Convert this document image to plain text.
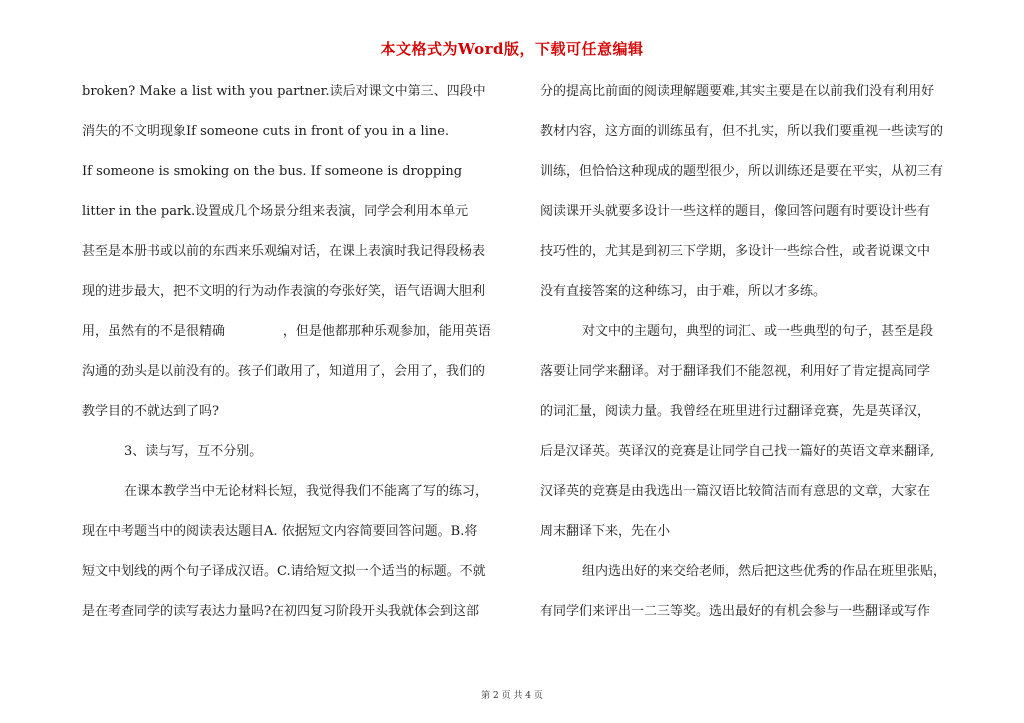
本文格式为Word版，下载可任意编辑
broken? Make a list with you partner.读后对课文中第三、四段中
消失的不文明现象If someone cuts in front of you in a line.
If someone is smoking on the bus. If someone is dropping
litter in the park.设置成几个场景分组来表演，同学会利用本单元
甚至是本册书或以前的东西来乐观编对话，在课上表演时我记得段杨表
现的进步最大，把不文明的行为动作表演的夸张好笑，语气语调大胆利
用，虽然有的不是很精确              ，但是他都那种乐观参加，能用英语
沟通的劲头是以前没有的。孩子们敢用了，知道用了，会用了，我们的
教学目的不就达到了吗?
3、读与写，互不分别。
在课本教学当中无论材料长短，我觉得我们不能离了写的练习，
现在中考题当中的阅读表达题目A. 依据短文内容简要回答问题。B.将
短文中划线的两个句子译成汉语。C.请给短文拟一个适当的标题。不就
是在考查同学的读写表达力量吗?在初四复习阶段开头我就体会到这部
分的提高比前面的阅读理解题要难,其实主要是在以前我们没有利用好
教材内容，这方面的训练虽有，但不扎实，所以我们要重视一些读写的
训练，但恰恰这种现成的题型很少，所以训练还是要在平实，从初三有
阅读课开头就要多设计一些这样的题目，像回答问题有时要设计些有
技巧性的，尤其是到初三下学期，多设计一些综合性，或者说课文中
没有直接答案的这种练习，由于难，所以才多练。
对文中的主题句，典型的词汇、或一些典型的句子，甚至是段
落要让同学来翻译。对于翻译我们不能忽视，利用好了肯定提高同学
的词汇量，阅读力量。我曾经在班里进行过翻译竞赛，先是英译汉，
后是汉译英。英译汉的竞赛是让同学自己找一篇好的英语文章来翻译,
汉译英的竞赛是由我选出一篇汉语比较简洁而有意思的文章，大家在
周末翻译下来，先在小
组内选出好的来交给老师，然后把这些优秀的作品在班里张贴，
有同学们来评出一二三等奖。选出最好的有机会参与一些翻译或写作
第 2 页 共 4 页
